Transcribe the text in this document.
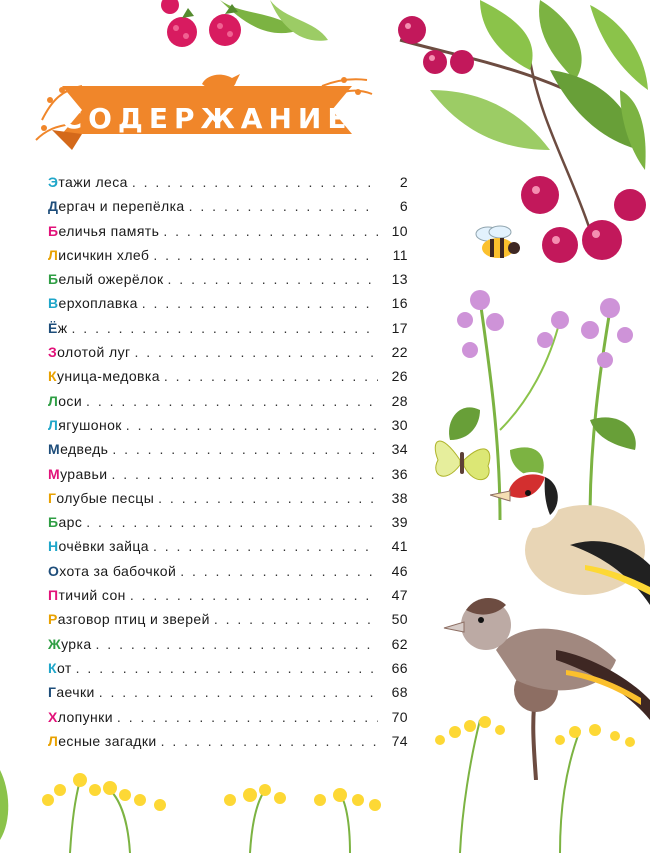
СОДЕРЖАНИЕ
Этажи леса . . .	2
Дергач и перепёлка . . .	6
Беличья память . . .	10
Лисичкин хлеб . . .	11
Белый ожерёлок . . .	13
Верхоплавка . . .	16
Ёж . . .	17
Золотой луг . . .	22
Куница-медовка . . .	26
Лоси . . .	28
Лягушонок . . .	30
Медведь . . .	34
Муравьи . . .	36
Голубые песцы . . .	38
Барс . . .	39
Ночёвки зайца . . .	41
Охота за бабочкой . . .	46
Птичий сон . . .	47
Разговор птиц и зверей . . .	50
Журка . . .	62
Кот . . .	66
Гаечки . . .	68
Хлопунки . . .	70
Лесные загадки . . .	74
